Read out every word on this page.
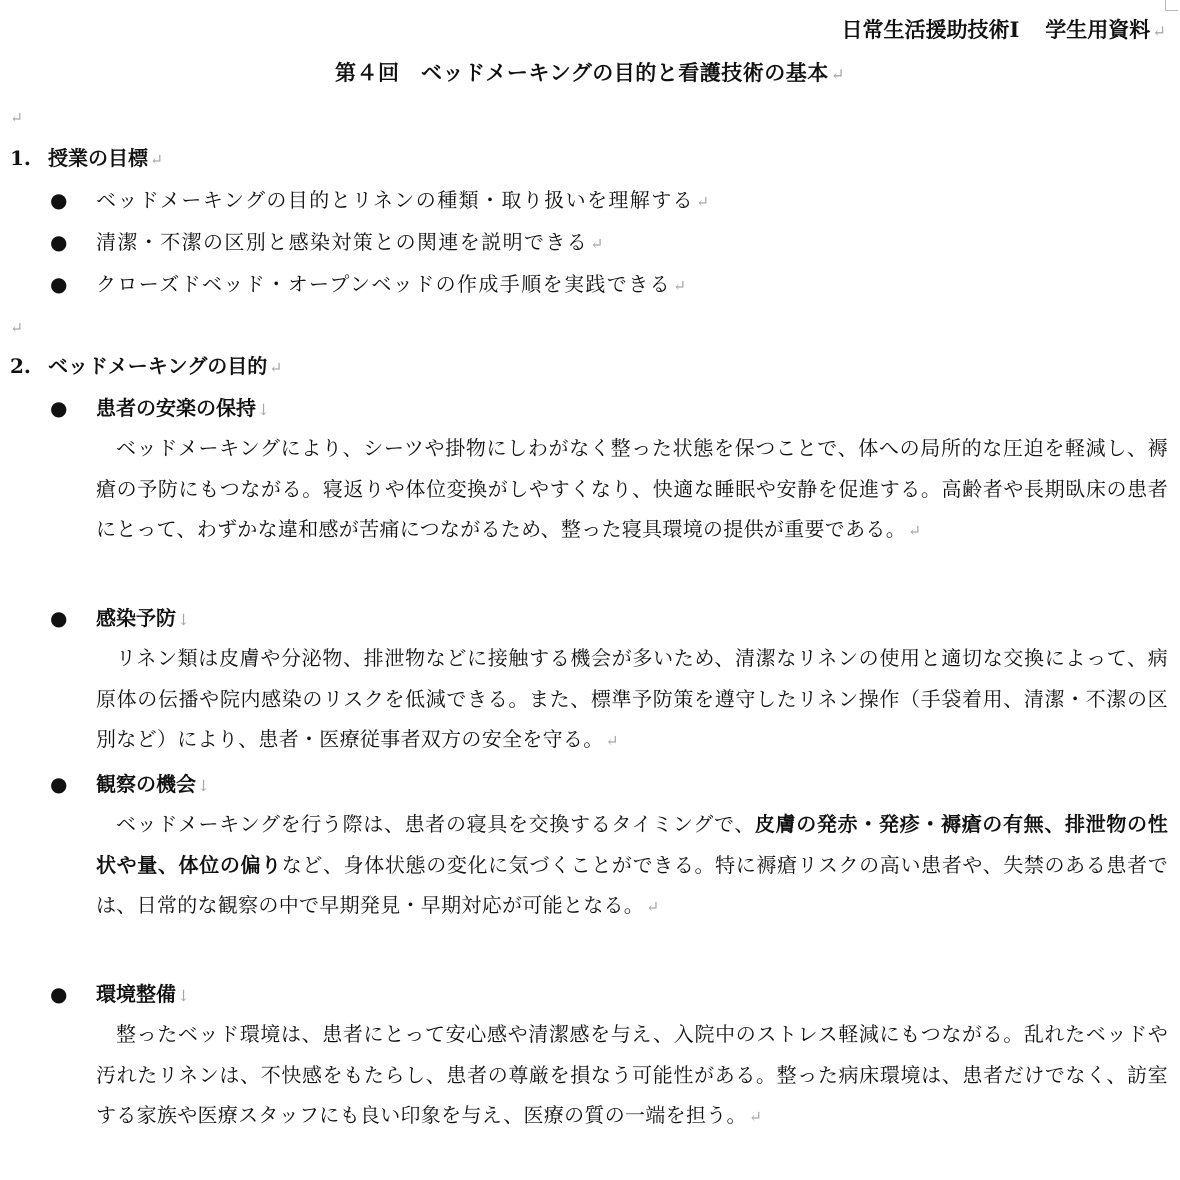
日常生活援助技術Ⅰ 学生用資料 ↵
第４回　ベッドメーキングの目的と看護技術の基本 ↵
↵
1. 授業の目標 ↵
● ベッドメーキングの目的とリネンの種類・取り扱いを理解する ↵
● 清潔・不潔の区別と感染対策との関連を説明できる ↵
● クローズドベッド・オープンベッドの作成手順を実践できる ↵
↵
2. ベッドメーキングの目的 ↵
● 患者の安楽の保持↓
ベッドメーキングにより、シーツや掛物にしわがなく整った状態を保つことで、体への局所的な圧迫を軽減し、褥瘡の予防にもつながる。寝返りや体位変換がしやすくなり、快適な睡眠や安静を促進する。高齢者や長期臥床の患者にとって、わずかな違和感が苦痛につながるため、整った寝具環境の提供が重要である。 ↵
● 感染予防↓
リネン類は皮膚や分泌物、排泄物などに接触する機会が多いため、清潔なリネンの使用と適切な交換によって、病原体の伝播や院内感染のリスクを低減できる。また、標準予防策を遵守したリネン操作（手袋着用、清潔・不潔の区別など）により、患者・医療従事者双方の安全を守る。 ↵
● 観察の機会↓
ベッドメーキングを行う際は、患者の寝具を交換するタイミングで、皮膚の発赤・発疹・褥瘡の有無、排泄物の性状や量、体位の偏りなど、身体状態の変化に気づくことができる。特に褥瘡リスクの高い患者や、失禁のある患者では、日常的な観察の中で早期発見・早期対応が可能となる。 ↵
● 環境整備↓
整ったベッド環境は、患者にとって安心感や清潔感を与え、入院中のストレス軽減にもつながる。乱れたベッドや汚れたリネンは、不快感をもたらし、患者の尊厳を損なう可能性がある。整った病床環境は、患者だけでなく、訪室する家族や医療スタッフにも良い印象を与え、医療の質の一端を担う。 ↵
